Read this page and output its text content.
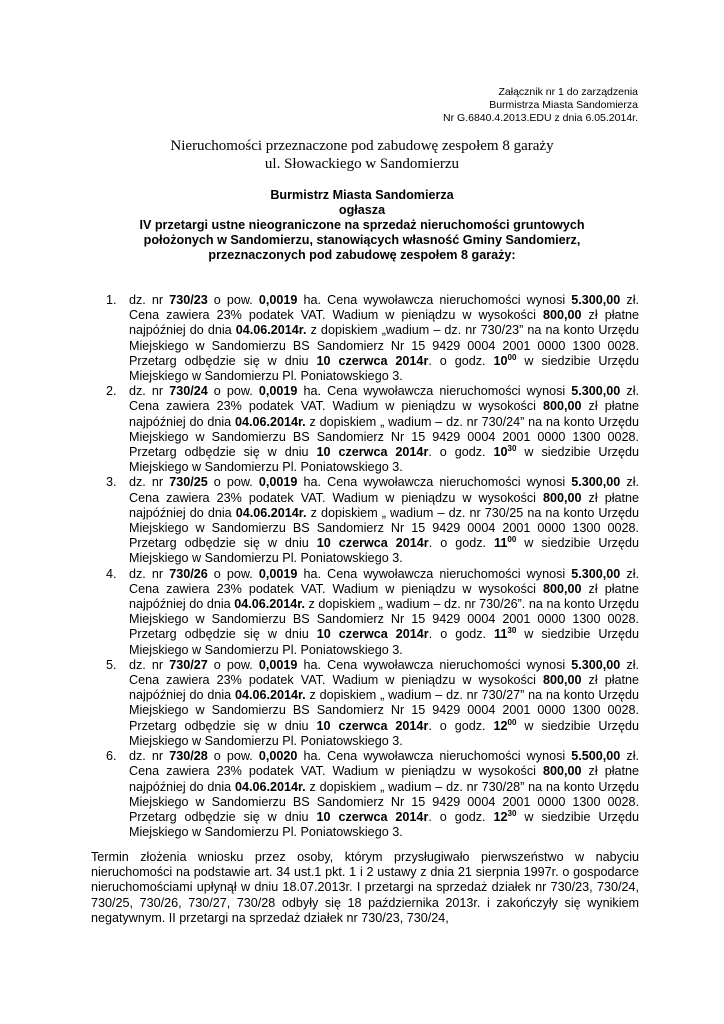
Załącznik nr 1 do zarządzenia
Burmistrza Miasta Sandomierza
Nr G.6840.4.2013.EDU z dnia 6.05.2014r.
Nieruchomości przeznaczone pod zabudowę zespołem 8 garaży
ul. Słowackiego w Sandomierzu
Burmistrz Miasta Sandomierza
ogłasza
IV przetargi ustne nieograniczone na sprzedaż nieruchomości gruntowych
położonych w Sandomierzu, stanowiących własność Gminy Sandomierz,
przeznaczonych pod zabudowę zespołem 8 garaży:
1. dz. nr 730/23 o pow. 0,0019 ha. Cena wywoławcza nieruchomości wynosi 5.300,00 zł. Cena zawiera 23% podatek VAT. Wadium w pieniądzu w wysokości 800,00 zł płatne najpóźniej do dnia 04.06.2014r. z dopiskiem „wadium – dz. nr 730/23” na na konto Urzędu Miejskiego w Sandomierzu BS Sandomierz Nr 15 9429 0004 2001 0000 1300 0028. Przetarg odbędzie się w dniu 10 czerwca 2014r. o godz. $10^{00}$ w siedzibie Urzędu Miejskiego w Sandomierzu Pl. Poniatowskiego 3.
2. dz. nr 730/24 o pow. 0,0019 ha. Cena wywoławcza nieruchomości wynosi 5.300,00 zł. Cena zawiera 23% podatek VAT. Wadium w pieniądzu w wysokości 800,00 zł płatne najpóźniej do dnia 04.06.2014r. z dopiskiem „ wadium – dz. nr 730/24” na na konto Urzędu Miejskiego w Sandomierzu BS Sandomierz Nr 15 9429 0004 2001 0000 1300 0028. Przetarg odbędzie się w dniu 10 czerwca 2014r. o godz. $10^{30}$ w siedzibie Urzędu Miejskiego w Sandomierzu Pl. Poniatowskiego 3.
3. dz. nr 730/25 o pow. 0,0019 ha. Cena wywoławcza nieruchomości wynosi 5.300,00 zł. Cena zawiera 23% podatek VAT. Wadium w pieniądzu w wysokości 800,00 zł płatne najpóźniej do dnia 04.06.2014r. z dopiskiem „ wadium – dz. nr 730/25 na na konto Urzędu Miejskiego w Sandomierzu BS Sandomierz Nr 15 9429 0004 2001 0000 1300 0028. Przetarg odbędzie się w dniu 10 czerwca 2014r. o godz. $11^{00}$ w siedzibie Urzędu Miejskiego w Sandomierzu Pl. Poniatowskiego 3.
4. dz. nr 730/26 o pow. 0,0019 ha. Cena wywoławcza nieruchomości wynosi 5.300,00 zł. Cena zawiera 23% podatek VAT. Wadium w pieniądzu w wysokości 800,00 zł płatne najpóźniej do dnia 04.06.2014r. z dopiskiem „ wadium – dz. nr 730/26”. na na konto Urzędu Miejskiego w Sandomierzu BS Sandomierz Nr 15 9429 0004 2001 0000 1300 0028. Przetarg odbędzie się w dniu 10 czerwca 2014r. o godz. $11^{30}$ w siedzibie Urzędu Miejskiego w Sandomierzu Pl. Poniatowskiego 3.
5. dz. nr 730/27 o pow. 0,0019 ha. Cena wywoławcza nieruchomości wynosi 5.300,00 zł. Cena zawiera 23% podatek VAT. Wadium w pieniądzu w wysokości 800,00 zł płatne najpóźniej do dnia 04.06.2014r. z dopiskiem „ wadium – dz. nr 730/27” na na konto Urzędu Miejskiego w Sandomierzu BS Sandomierz Nr 15 9429 0004 2001 0000 1300 0028. Przetarg odbędzie się w dniu 10 czerwca 2014r. o godz. $12^{00}$ w siedzibie Urzędu Miejskiego w Sandomierzu Pl. Poniatowskiego 3.
6. dz. nr 730/28 o pow. 0,0020 ha. Cena wywoławcza nieruchomości wynosi 5.500,00 zł. Cena zawiera 23% podatek VAT. Wadium w pieniądzu w wysokości 800,00 zł płatne najpóźniej do dnia 04.06.2014r. z dopiskiem „ wadium – dz. nr 730/28” na na konto Urzędu Miejskiego w Sandomierzu BS Sandomierz Nr 15 9429 0004 2001 0000 1300 0028. Przetarg odbędzie się w dniu 10 czerwca 2014r. o godz. $12^{30}$ w siedzibie Urzędu Miejskiego w Sandomierzu Pl. Poniatowskiego 3.
Termin złożenia wniosku przez osoby, którym przysługiwało pierwszeństwo w nabyciu nieruchomości na podstawie art. 34 ust.1 pkt. 1 i 2 ustawy z dnia 21 sierpnia 1997r. o gospodarce nieruchomościami upłynął w dniu 18.07.2013r. I przetargi na sprzedaż działek nr 730/23, 730/24, 730/25, 730/26, 730/27, 730/28 odbyły się 18 października 2013r. i zakończyły się wynikiem negatywnym. II przetargi na sprzedaż działek nr 730/23, 730/24,
